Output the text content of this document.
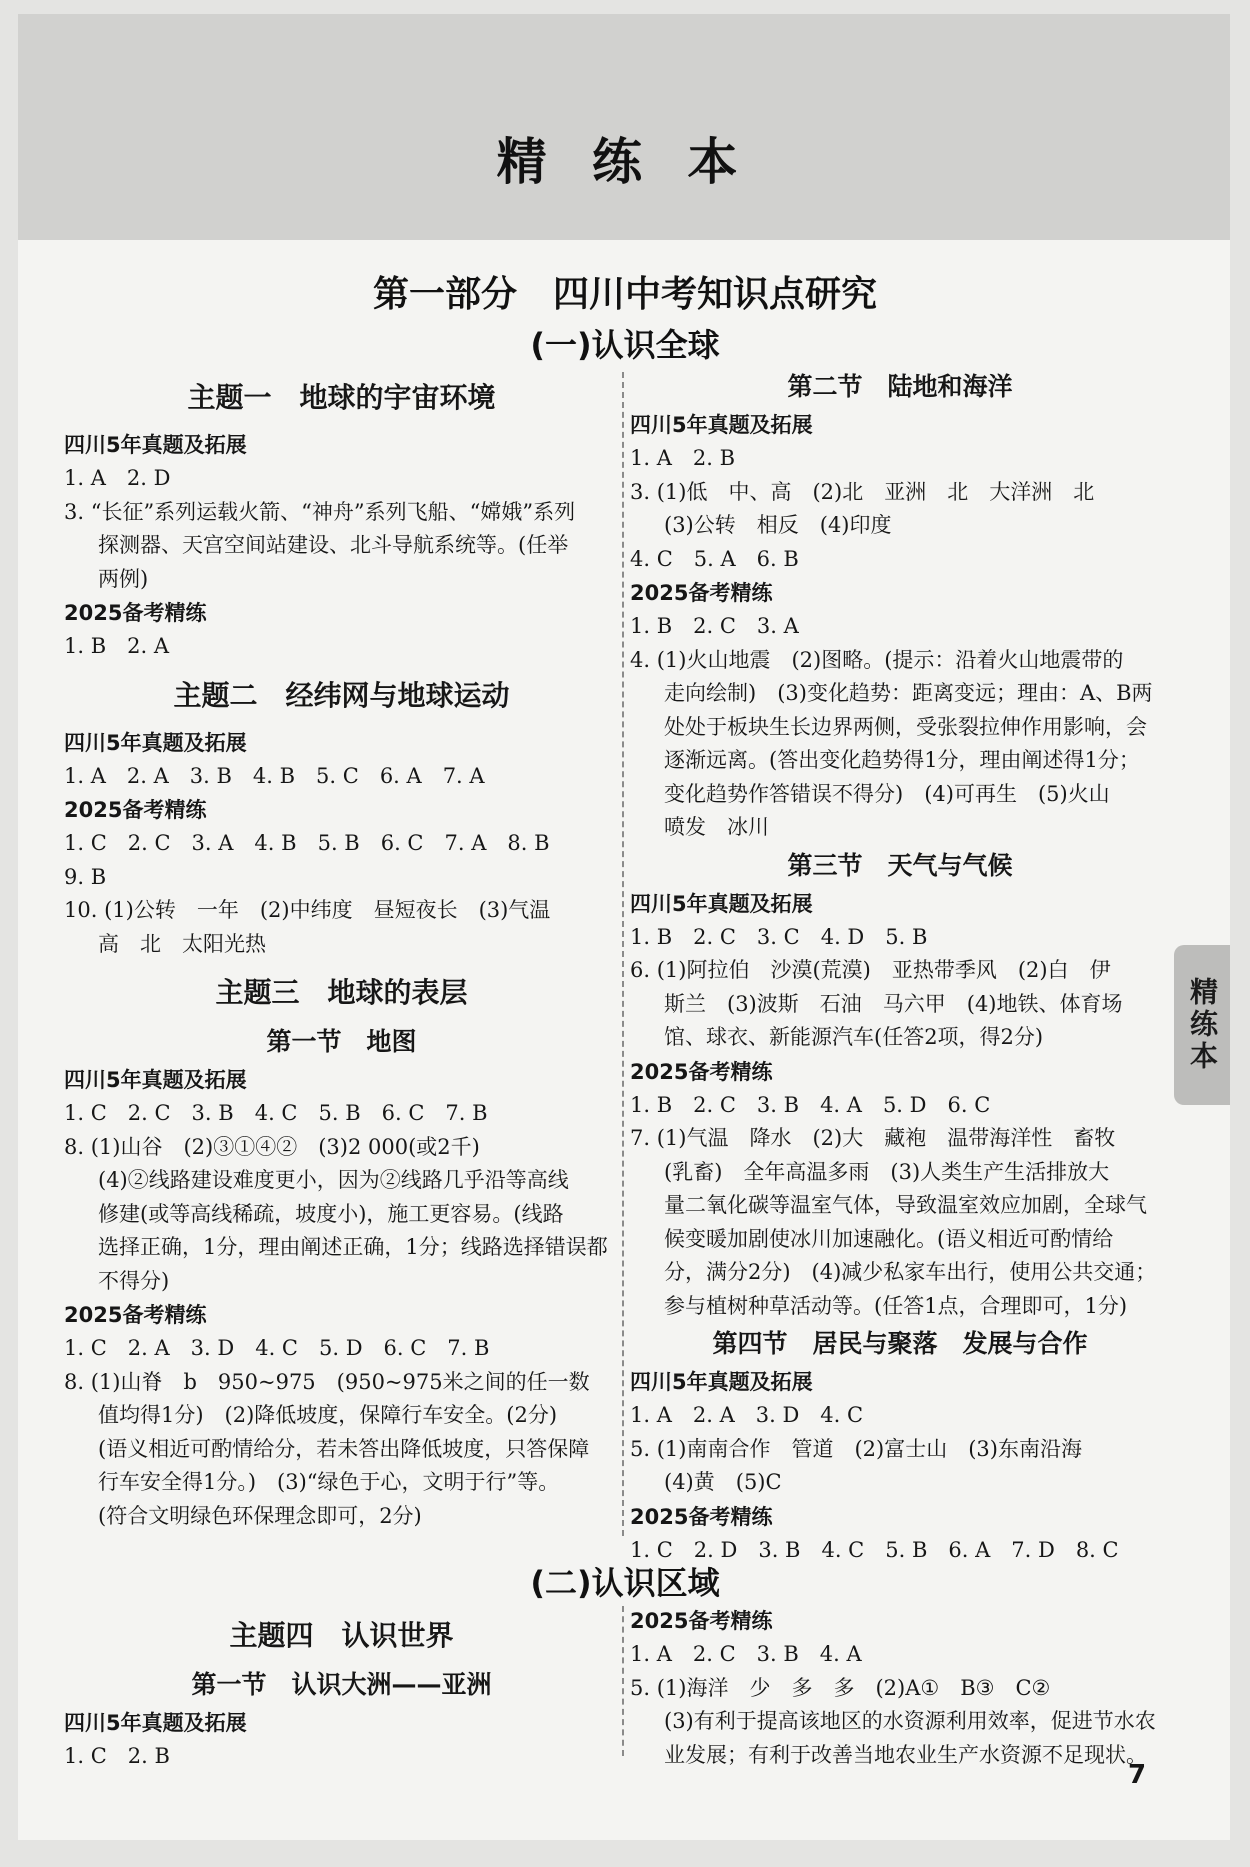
精 练 本
精练本
第一部分　四川中考知识点研究
(一)认识全球
主题一　地球的宇宙环境
四川5年真题及拓展
1. A　2. D
3. “长征”系列运载火箭、“神舟”系列飞船、“嫦娥”系列
探测器、天宫空间站建设、北斗导航系统等。(任举
两例)
2025备考精练
1. B　2. A
主题二　经纬网与地球运动
四川5年真题及拓展
1. A　2. A　3. B　4. B　5. C　6. A　7. A
2025备考精练
1. C　2. C　3. A　4. B　5. B　6. C　7. A　8. B
9. B
10. (1)公转　一年　(2)中纬度　昼短夜长　(3)气温
高　北　太阳光热
主题三　地球的表层
第一节　地图
四川5年真题及拓展
1. C　2. C　3. B　4. C　5. B　6. C　7. B
8. (1)山谷　(2)③①④②　(3)2 000(或2千)
(4)②线路建设难度更小，因为②线路几乎沿等高线
修建(或等高线稀疏，坡度小)，施工更容易。(线路
选择正确，1分，理由阐述正确，1分；线路选择错误都
不得分)
2025备考精练
1. C　2. A　3. D　4. C　5. D　6. C　7. B
8. (1)山脊　b　950~975　(950~975米之间的任一数
值均得1分)　(2)降低坡度，保障行车安全。(2分)
(语义相近可酌情给分，若未答出降低坡度，只答保障
行车安全得1分。)　(3)“绿色于心，文明于行”等。
(符合文明绿色环保理念即可，2分)
第二节　陆地和海洋
四川5年真题及拓展
1. A　2. B
3. (1)低　中、高　(2)北　亚洲　北　大洋洲　北
(3)公转　相反　(4)印度
4. C　5. A　6. B
2025备考精练
1. B　2. C　3. A
4. (1)火山地震　(2)图略。(提示：沿着火山地震带的
走向绘制)　(3)变化趋势：距离变远；理由：A、B两
处处于板块生长边界两侧，受张裂拉伸作用影响，会
逐渐远离。(答出变化趋势得1分，理由阐述得1分；
变化趋势作答错误不得分)　(4)可再生　(5)火山
喷发　冰川
第三节　天气与气候
四川5年真题及拓展
1. B　2. C　3. C　4. D　5. B
6. (1)阿拉伯　沙漠(荒漠)　亚热带季风　(2)白　伊
斯兰　(3)波斯　石油　马六甲　(4)地铁、体育场
馆、球衣、新能源汽车(任答2项，得2分)
2025备考精练
1. B　2. C　3. B　4. A　5. D　6. C
7. (1)气温　降水　(2)大　藏袍　温带海洋性　畜牧
(乳畜)　全年高温多雨　(3)人类生产生活排放大
量二氧化碳等温室气体，导致温室效应加剧，全球气
候变暖加剧使冰川加速融化。(语义相近可酌情给
分，满分2分)　(4)减少私家车出行，使用公共交通；
参与植树种草活动等。(任答1点，合理即可，1分)
第四节　居民与聚落　发展与合作
四川5年真题及拓展
1. A　2. A　3. D　4. C
5. (1)南南合作　管道　(2)富士山　(3)东南沿海
(4)黄　(5)C
2025备考精练
1. C　2. D　3. B　4. C　5. B　6. A　7. D　8. C
(二)认识区域
主题四　认识世界
第一节　认识大洲——亚洲
四川5年真题及拓展
1. C　2. B
2025备考精练
1. A　2. C　3. B　4. A
5. (1)海洋　少　多　多　(2)A①　B③　C②
(3)有利于提高该地区的水资源利用效率，促进节水农
业发展；有利于改善当地农业生产水资源不足现状。
7
